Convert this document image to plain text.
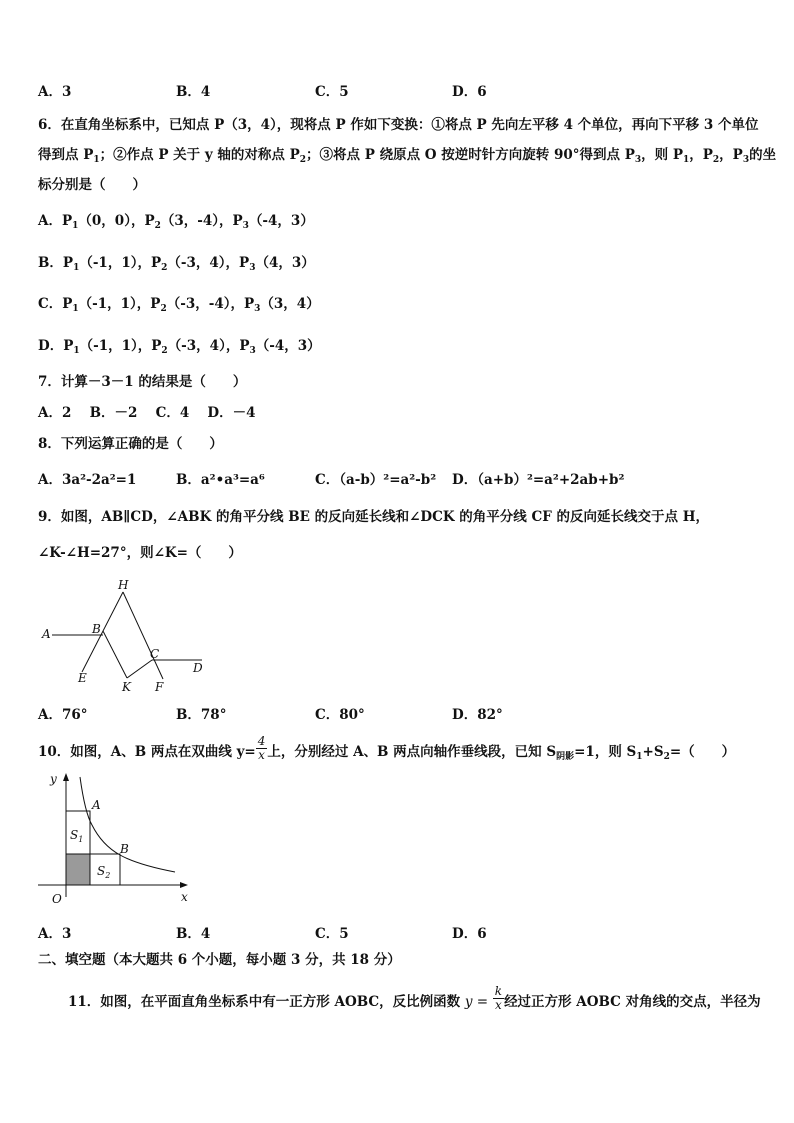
A．3	B．4	C．5	D．6
6．在直角坐标系中，已知点 P（3，4），现将点 P 作如下变换：①将点 P 先向左平移 4 个单位，再向下平移 3 个单位
得到点 $P_1$；②作点 P 关于 y 轴的对称点 $P_2$；③将点 P 绕原点 O 按逆时针方向旋转 90°得到点 $P_3$，则 $P_1$，$P_2$，$P_3$的坐
标分别是（　　）
A．$P_1(0$，0），$P_2(3$，-4），$P_3(-4$，3）
B．$P_1(-1$，1），$P_2(-3$，4），$P_3(4$，3）
C．$P_1(-1$，1），$P_2(-3$，-4），$P_3(3$，4）
D．$P_1(-1$，1），$P_2(-3$，4），$P_3(-4$，3）
7．计算－3－1 的结果是（　　）
A．2　 B．－2　 C．4　 D．－4
8．下列运算正确的是（　　）
A．3a²-2a²=1	B．a²•a³=a⁶	C．（a-b）²=a²-b² D．（a+b）²=a²+2ab+b²
9．如图，AB∥CD，∠ABK 的角平分线 BE 的反向延长线和∠DCK 的角平分线 CF 的反向延长线交于点 H，
∠K-∠H=27°，则∠K=（　　）
A	B
H
C
D
E
K F
A．76°	B．78°	C．80°	D．82°
10．如图，A、B 两点在双曲线 $y= \frac{4}{x}$ 上，分别经过 A、B 两点向轴作垂线段，已知 $S_{阴影}=1$，则 $S_1+S_2=$（　　）
y
x
O
A
B
$S_1$
$S_2$
A．3	B．4	C．5	D．6
二、填空题（本大题共 6 个小题，每小题 3 分，共 18 分）
11．如图，在平面直角坐标系中有一正方形 AOBC，反比例函数 $y = \frac{k}{x}$ 经过正方形 AOBC 对角线的交点，半径为
